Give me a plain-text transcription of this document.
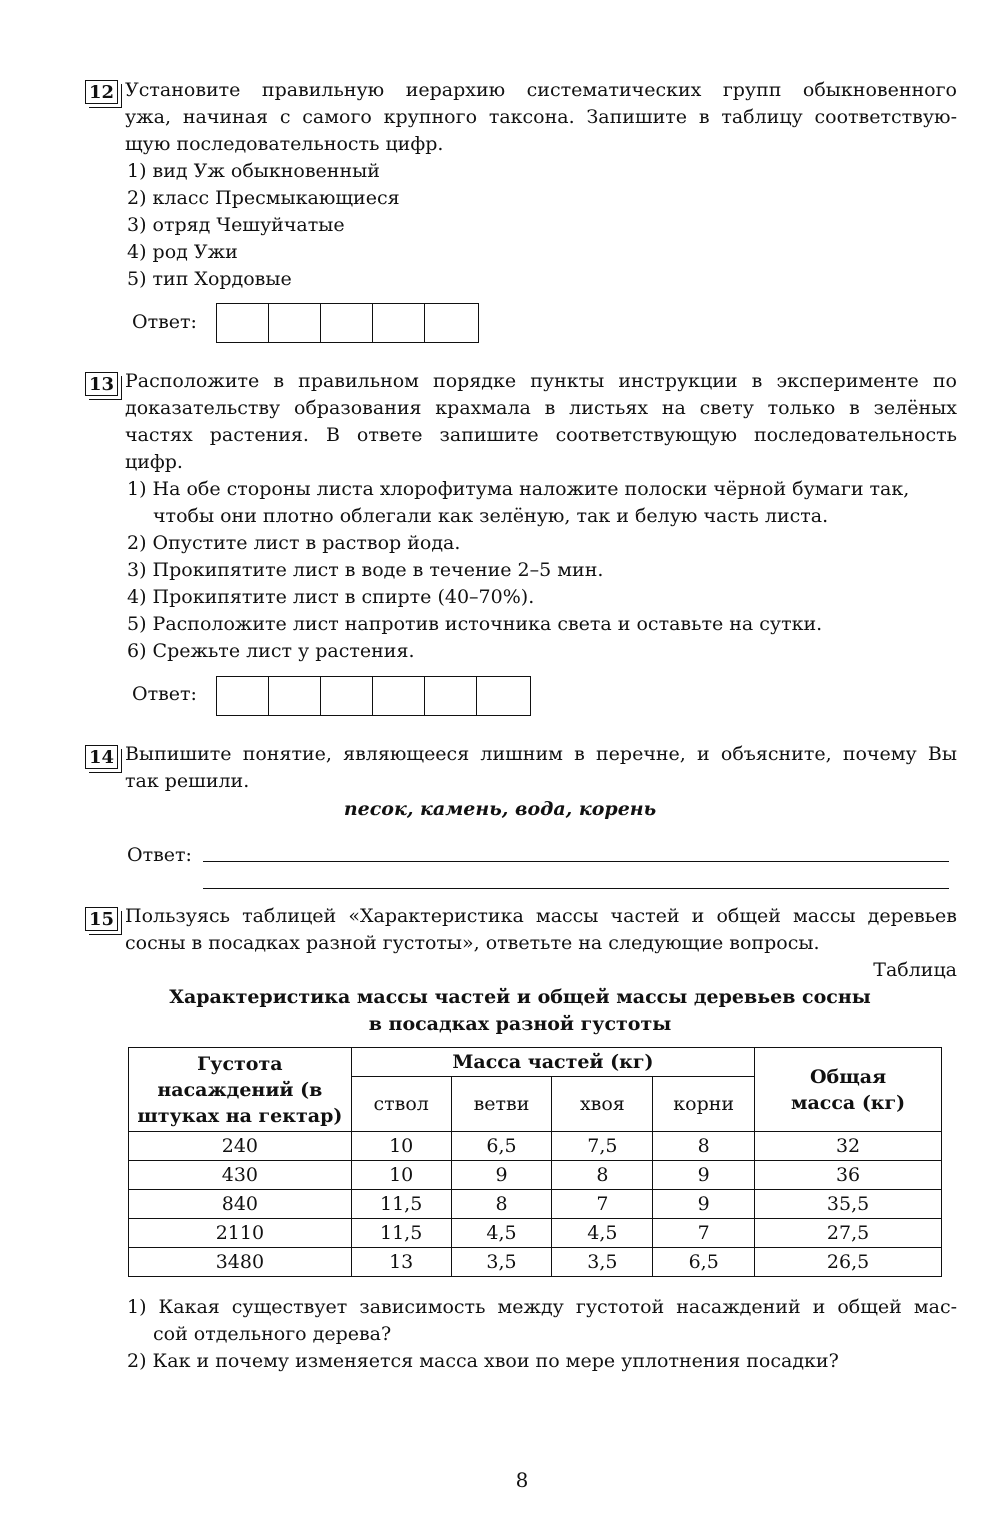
12 Установите правильную иерархию систематических групп обыкновенного
ужа, начиная с самого крупного таксона. Запишите в таблицу соответствую-
щую последовательность цифр.
1) вид Уж обыкновенный
2) класс Пресмыкающиеся
3) отряд Чешуйчатые
4) род Ужи
5) тип Хордовые
Ответ:
13 Расположите в правильном порядке пункты инструкции в эксперименте по
доказательству образования крахмала в листьях на свету только в зелёных
частях растения. В ответе запишите соответствующую последовательность
цифр.
1) На обе стороны листа хлорофитума наложите полоски чёрной бумаги так,
чтобы они плотно облегали как зелёную, так и белую часть листа.
2) Опустите лист в раствор йода.
3) Прокипятите лист в воде в течение 2–5 мин.
4) Прокипятите лист в спирте (40–70%).
5) Расположите лист напротив источника света и оставьте на сутки.
6) Срежьте лист у растения.
Ответ:
14 Выпишите понятие, являющееся лишним в перечне, и объясните, почему Вы
так решили.
песок, камень, вода, корень
Ответ:
15 Пользуясь таблицей «Характеристика массы частей и общей массы деревьев
сосны в посадках разной густоты», ответьте на следующие вопросы.
Таблица
Характеристика массы частей и общей массы деревьев сосны
в посадках разной густоты
Густота насаждений (в штуках на гектар)	Масса частей (кг)				Общая масса (кг)
	ствол	ветви	хвоя	корни	
240	10	6,5	7,5	8	32
430	10	9	8	9	36
840	11,5	8	7	9	35,5
2110	11,5	4,5	4,5	7	27,5
3480	13	3,5	3,5	6,5	26,5
1) Какая существует зависимость между густотой насаждений и общей мас-
сой отдельного дерева?
2) Как и почему изменяется масса хвои по мере уплотнения посадки?
8
